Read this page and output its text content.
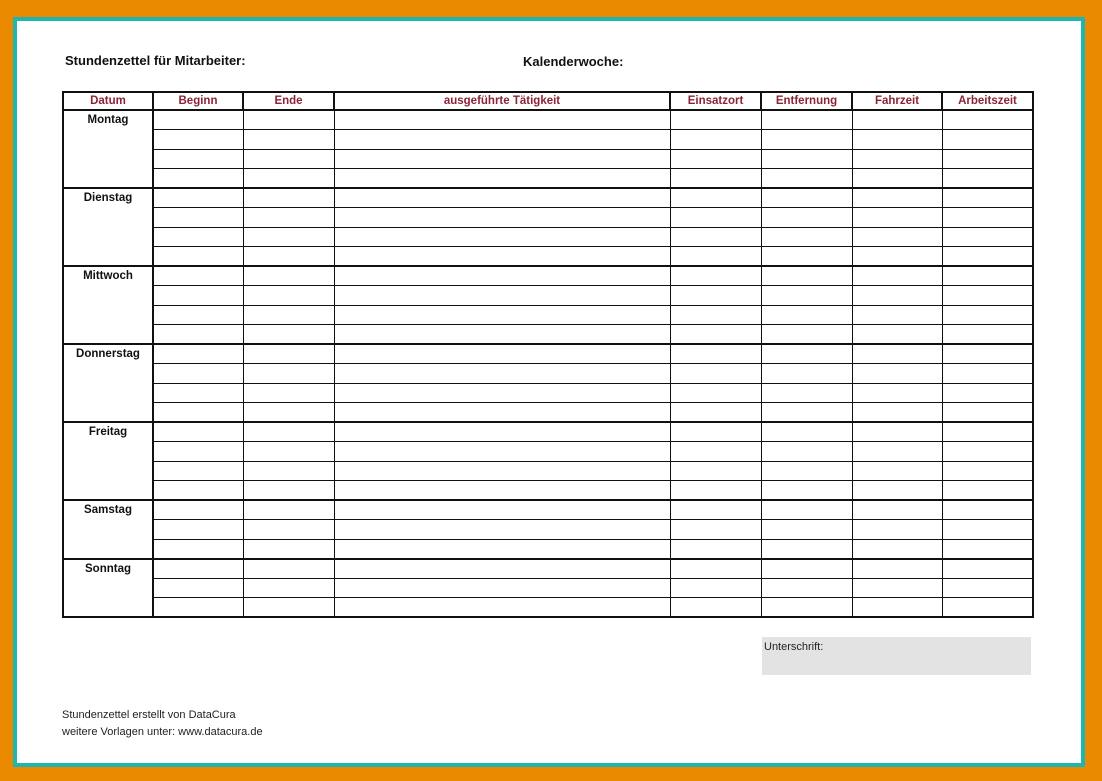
Stundenzettel für Mitarbeiter:	Kalenderwoche:
Datum	Beginn	Ende	ausgeführte Tätigkeit	Einsatzort	Entfernung	Fahrzeit	Arbeitszeit
Montag							

Dienstag							

Mittwoch							

Donnerstag							

Freitag							

Samstag							

Sonntag							

Unterschrift:
Stundenzettel erstellt von DataCura
weitere Vorlagen unter: www.datacura.de
